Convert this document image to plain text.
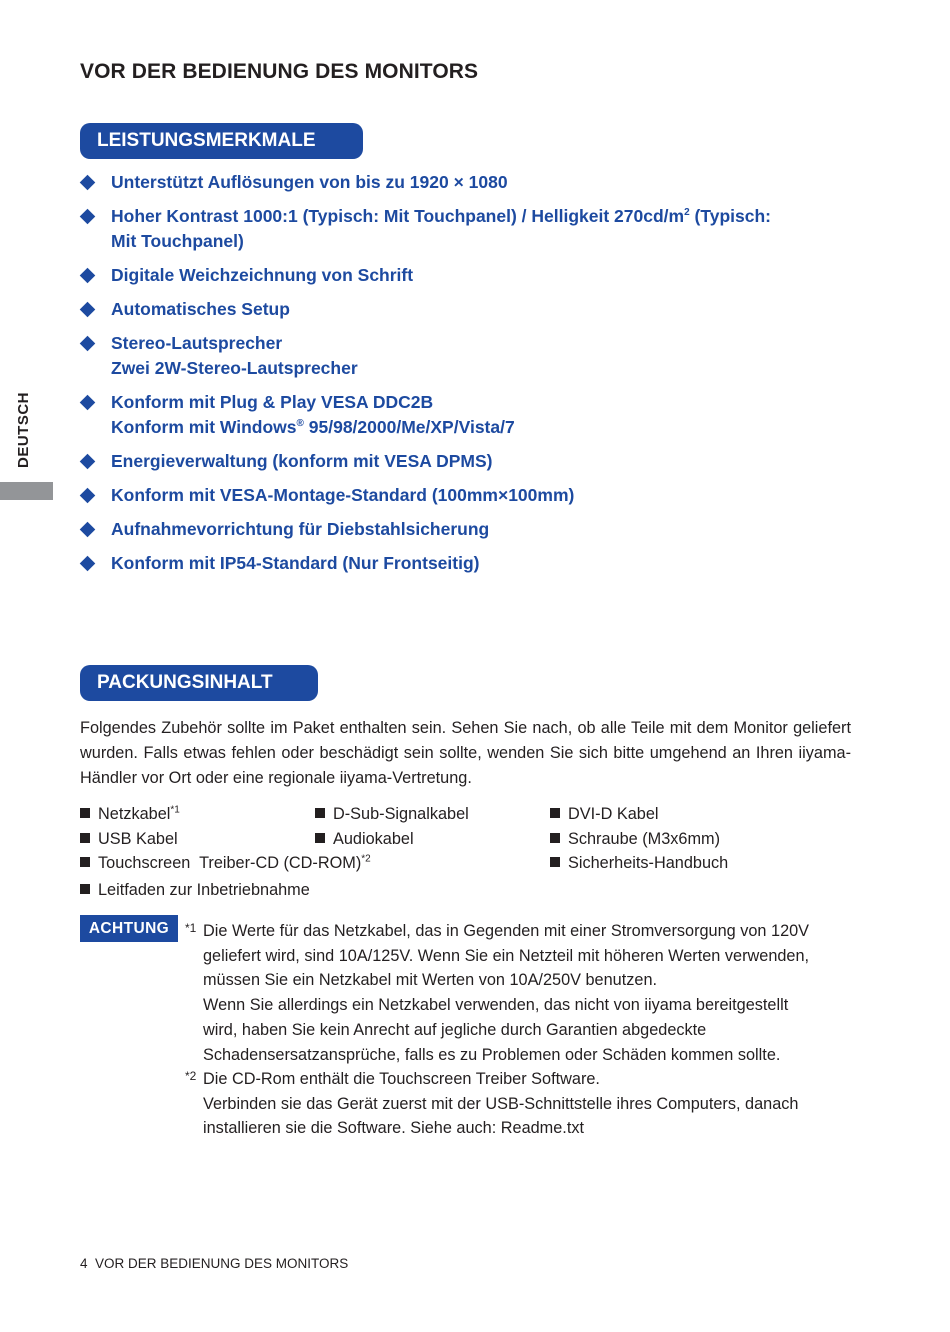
VOR DER BEDIENUNG DES MONITORS
DEUTSCH
LEISTUNGSMERKMALE
Unterstützt Auflösungen von bis zu 1920 × 1080
Hoher Kontrast 1000:1 (Typisch: Mit Touchpanel) / Helligkeit $270cd/m^2$ (Typisch:
Mit Touchpanel)
Digitale Weichzeichnung von Schrift
Automatisches Setup
Stereo-Lautsprecher
Zwei 2W-Stereo-Lautsprecher
Konform mit Plug & Play VESA DDC2B
Konform mit Windows® 95/98/2000/Me/XP/Vista/7
Energieverwaltung (konform mit VESA DPMS)
Konform mit VESA-Montage-Standard (100mm×100mm)
Aufnahmevorrichtung für Diebstahlsicherung
Konform mit IP54-Standard (Nur Frontseitig)
PACKUNGSINHALT

Folgendes Zubehör sollte im Paket enthalten sein. Sehen Sie nach, ob alle Teile mit dem Monitor geliefert wurden. Falls etwas fehlen oder beschädigt sein sollte, wenden Sie sich bitte umgehend an Ihren iiyama-Händler vor Ort oder eine regionale iiyama-Vertretung.

Netzkabel$^{*1}$	D-Sub-Signalkabel	DVI-D Kabel
USB Kabel	Audiokabel	Schraube (M3x6mm)
Touchscreen  Treiber-CD $(CD-ROM)^{*2}$	Sicherheits-Handbuch
Leitfaden zur Inbetriebnahme
ACHTUNG	*1 Die Werte für das Netzkabel, das in Gegenden mit einer Stromversorgung von 120V
geliefert wird, sind 10A/125V. Wenn Sie ein Netzteil mit höheren Werten verwenden,
müssen Sie ein Netzkabel mit Werten von 10A/250V benutzen.
Wenn Sie allerdings ein Netzkabel verwenden, das nicht von iiyama bereitgestellt
wird, haben Sie kein Anrecht auf jegliche durch Garantien abgedeckte
Schadensersatzansprüche, falls es zu Problemen oder Schäden kommen sollte.
*2 Die CD-Rom enthält die Touchscreen Treiber Software.
Verbinden sie das Gerät zuerst mit der USB-Schnittstelle ihres Computers, danach
installieren sie die Software. Siehe auch: Readme.txt
4 VOR DER BEDIENUNG DES MONITORS
